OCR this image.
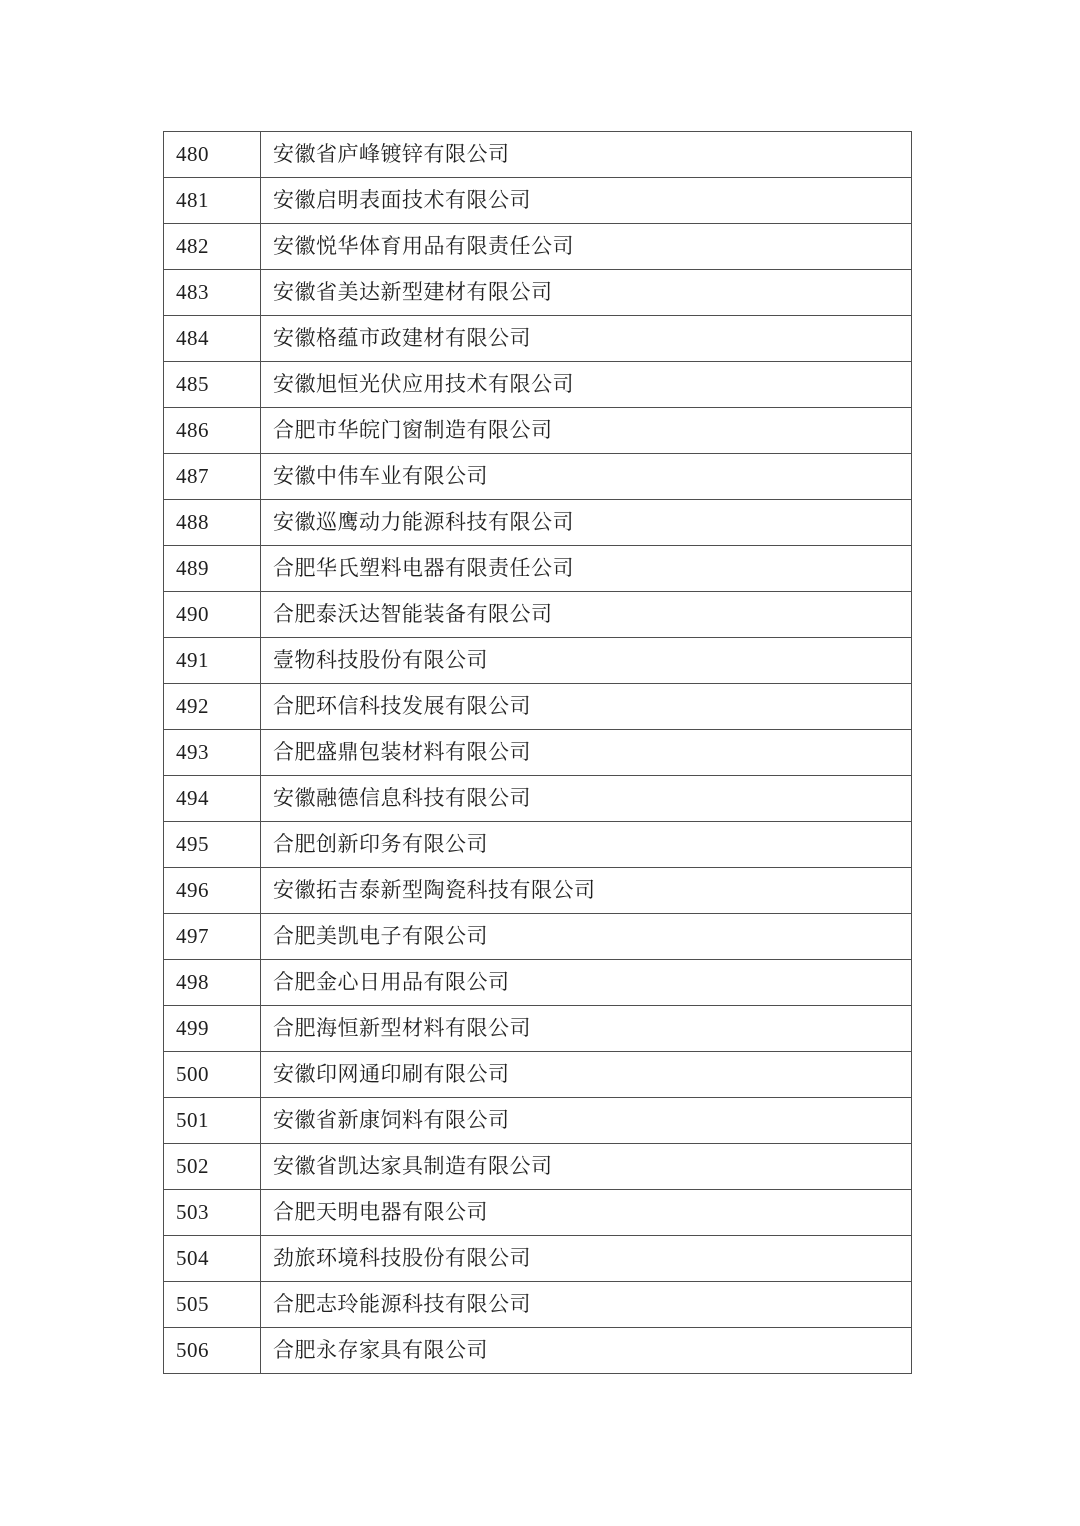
480	安徽省庐峰镀锌有限公司
481	安徽启明表面技术有限公司
482	安徽悦华体育用品有限责任公司
483	安徽省美达新型建材有限公司
484	安徽格蕴市政建材有限公司
485	安徽旭恒光伏应用技术有限公司
486	合肥市华皖门窗制造有限公司
487	安徽中伟车业有限公司
488	安徽巡鹰动力能源科技有限公司
489	合肥华氏塑料电器有限责任公司
490	合肥泰沃达智能装备有限公司
491	壹物科技股份有限公司
492	合肥环信科技发展有限公司
493	合肥盛鼎包装材料有限公司
494	安徽融德信息科技有限公司
495	合肥创新印务有限公司
496	安徽拓吉泰新型陶瓷科技有限公司
497	合肥美凯电子有限公司
498	合肥金心日用品有限公司
499	合肥海恒新型材料有限公司
500	安徽印网通印刷有限公司
501	安徽省新康饲料有限公司
502	安徽省凯达家具制造有限公司
503	合肥天明电器有限公司
504	劲旅环境科技股份有限公司
505	合肥志玲能源科技有限公司
506	合肥永存家具有限公司
